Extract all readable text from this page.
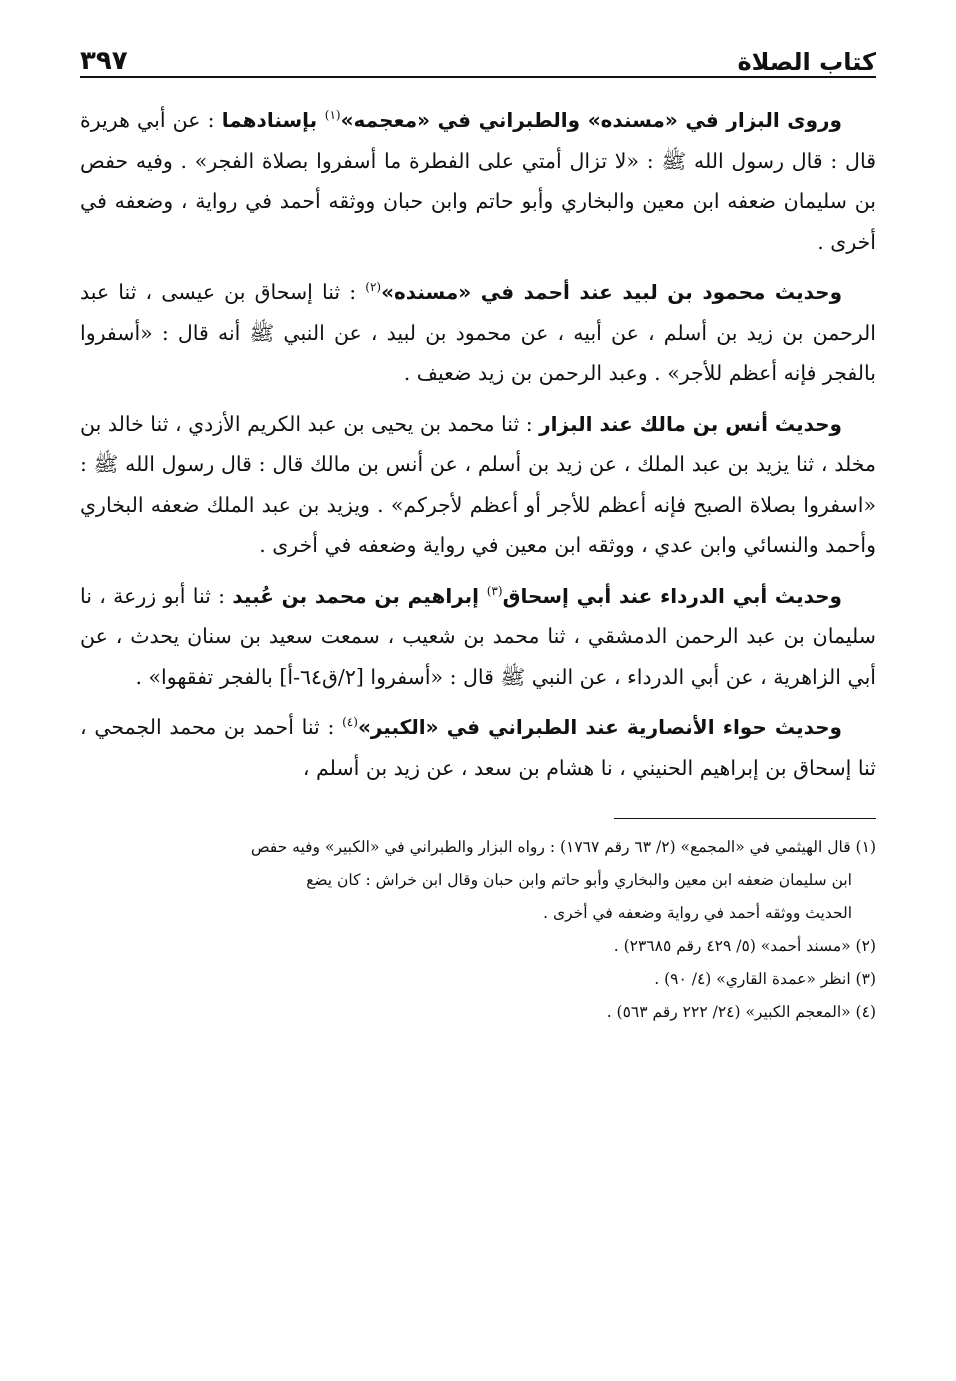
كتاب الصلاة
٣٩٧

وروى البزار في «مسنده» والطبراني في «معجمه»$^{(١)}$ بإسنادهما : عن أبي هريرة قال : قال رسول الله ﷺ : «لا تزال أمتي على الفطرة ما أسفروا بصلاة الفجر» . وفيه حفص بن سليمان ضعفه ابن معين والبخاري وأبو حاتم وابن حبان ووثقه أحمد في رواية ، وضعفه في أخرى .

وحديث محمود بن لبيد عند أحمد في «مسنده»$^{(٢)}$ : ثنا إسحاق بن عيسى ، ثنا عبد الرحمن بن زيد بن أسلم ، عن أبيه ، عن محمود بن لبيد ، عن النبي ﷺ أنه قال : «أسفروا بالفجر فإنه أعظم للأجر» . وعبد الرحمن بن زيد ضعيف .

وحديث أنس بن مالك عند البزار : ثنا محمد بن يحيى بن عبد الكريم الأزدي ، ثنا خالد بن مخلد ، ثنا يزيد بن عبد الملك ، عن زيد بن أسلم ، عن أنس بن مالك قال : قال رسول الله ﷺ : «اسفروا بصلاة الصبح فإنه أعظم للأجر أو أعظم لأجركم» . ويزيد بن عبد الملك ضعفه البخاري وأحمد والنسائي وابن عدي ، ووثقه ابن معين في رواية وضعفه في أخرى .

وحديث أبي الدرداء عند أبي إسحاق$^{(٣)}$ إبراهيم بن محمد بن عُبيد : ثنا أبو زرعة ، نا سليمان بن عبد الرحمن الدمشقي ، ثنا محمد بن شعيب ، سمعت سعيد بن سنان يحدث ، عن أبي الزاهرية ، عن أبي الدرداء ، عن النبي ﷺ قال : «أسفروا [٢/ق٦٤-أ] بالفجر تفقهوا» .

وحديث حواء الأنصارية عند الطبراني في «الكبير»$^{(٤)}$ : ثنا أحمد بن محمد الجمحي ، ثنا إسحاق بن إبراهيم الحنيني ، نا هشام بن سعد ، عن زيد بن أسلم ،

(١) قال الهيثمي في «المجمع» (٢/ ٦٣ رقم ١٧٦٧) : رواه البزار والطبراني في «الكبير» وفيه حفص

ابن سليمان ضعفه ابن معين والبخاري وأبو حاتم وابن حبان وقال ابن خراش : كان يضع

الحديث ووثقه أحمد في رواية وضعفه في أخرى .

(٢) «مسند أحمد» (٥/ ٤٢٩ رقم ٢٣٦٨٥) .

(٣) انظر «عمدة القاري» (٤/ ٩٠) .

(٤) «المعجم الكبير» (٢٤/ ٢٢٢ رقم ٥٦٣) .
